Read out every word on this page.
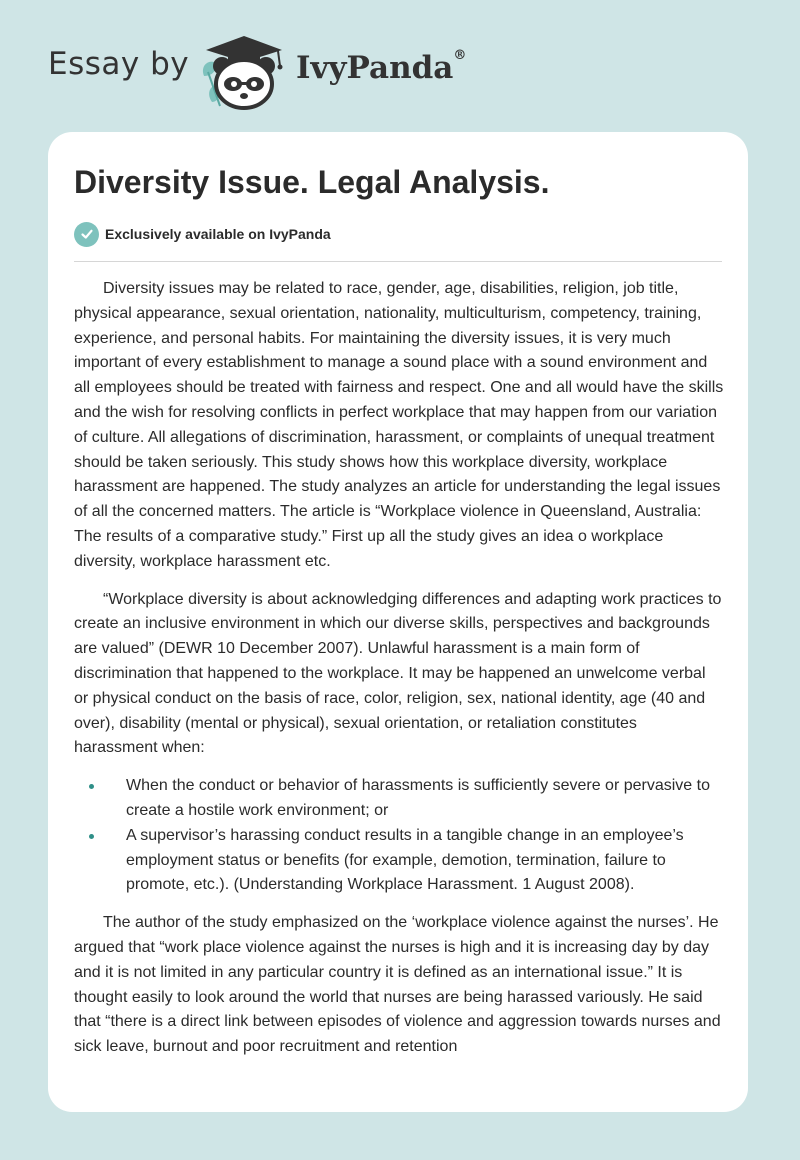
Essay by	IvyPanda®
Diversity Issue. Legal Analysis.
Exclusively available on IvyPanda

Diversity issues may be related to race, gender, age, disabilities, religion, job title, physical appearance, sexual orientation, nationality, multiculturism, competency, training, experience, and personal habits. For maintaining the diversity issues, it is very much important of every establishment to manage a sound place with a sound environment and all employees should be treated with fairness and respect. One and all would have the skills and the wish for resolving conflicts in perfect workplace that may happen from our variation of culture. All allegations of discrimination, harassment, or complaints of unequal treatment should be taken seriously. This study shows how this workplace diversity, workplace harassment are happened. The study analyzes an article for understanding the legal issues of all the concerned matters. The article is “Workplace violence in Queensland, Australia: The results of a comparative study.” First up all the study gives an idea o workplace diversity, workplace harassment etc.

“Workplace diversity is about acknowledging differences and adapting work practices to create an inclusive environment in which our diverse skills, perspectives and backgrounds are valued” (DEWR 10 December 2007). Unlawful harassment is a main form of discrimination that happened to the workplace. It may be happened an unwelcome verbal or physical conduct on the basis of race, color, religion, sex, national identity, age (40 and over), disability (mental or physical), sexual orientation, or retaliation constitutes harassment when:

When the conduct or behavior of harassments is sufficiently severe or pervasive to create a hostile work environment; or
A supervisor’s harassing conduct results in a tangible change in an employee’s employment status or benefits (for example, demotion, termination, failure to promote, etc.). (Understanding Workplace Harassment. 1 August 2008).

The author of the study emphasized on the ‘workplace violence against the nurses’. He argued that “work place violence against the nurses is high and it is increasing day by day and it is not limited in any particular country it is defined as an international issue.” It is thought easily to look around the world that nurses are being harassed variously. He said that “there is a direct link between episodes of violence and aggression towards nurses and sick leave, burnout and poor recruitment and retention
